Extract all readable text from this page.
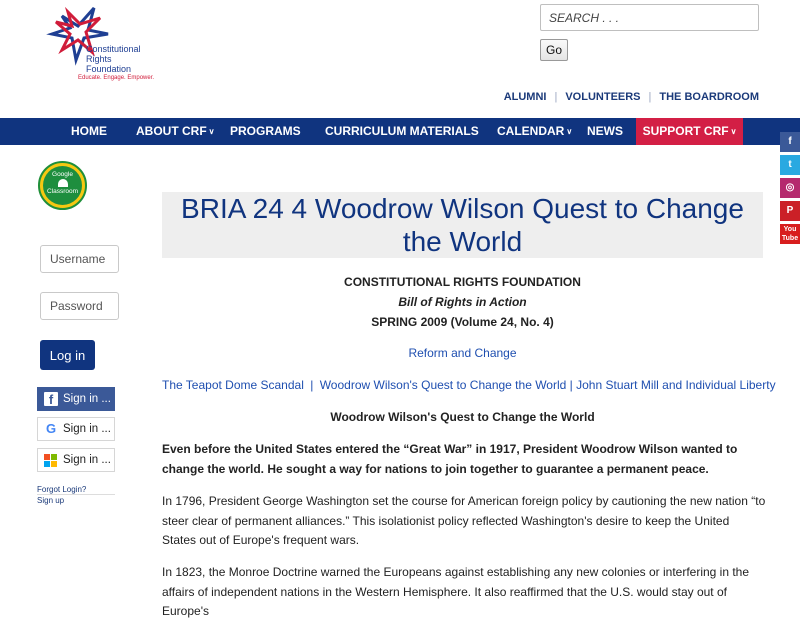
Constitutional
Rights
Foundation
Educate. Engage. Empower.
SEARCH . . .
Go
ALUMNI | VOLUNTEERS | THE BOARDROOM
HOME ABOUT CRF ∨ PROGRAMS CURRICULUM MATERIALS CALENDAR ∨ NEWS	SUPPORT CRF ∨
f
t
◎
P
You
Tube
Google
Classroom
Username
Log in
f Sign in ...
G Sign in ...
Sign in ...
Forgot Login?
Sign up
BRIA 24 4 Woodrow Wilson Quest to Change the World
CONSTITUTIONAL RIGHTS FOUNDATION
Bill of Rights in Action
SPRING 2009 (Volume 24, No. 4)
Reform and Change
The Teapot Dome Scandal | Woodrow Wilson's Quest to Change the World | John Stuart Mill and Individual Liberty
Woodrow Wilson's Quest to Change the World
Even before the United States entered the “Great War” in 1917, President Woodrow Wilson wanted to change the world. He sought a way for nations to join together to guarantee a permanent peace.
In 1796, President George Washington set the course for American foreign policy by cautioning the new nation “to steer clear of permanent alliances.” This isolationist policy reflected Washington's desire to keep the United States out of Europe's frequent wars.
In 1823, the Monroe Doctrine warned the Europeans against establishing any new colonies or interfering in the affairs of independent nations in the Western Hemisphere. It also reaffirmed that the U.S. would stay out of Europe's
